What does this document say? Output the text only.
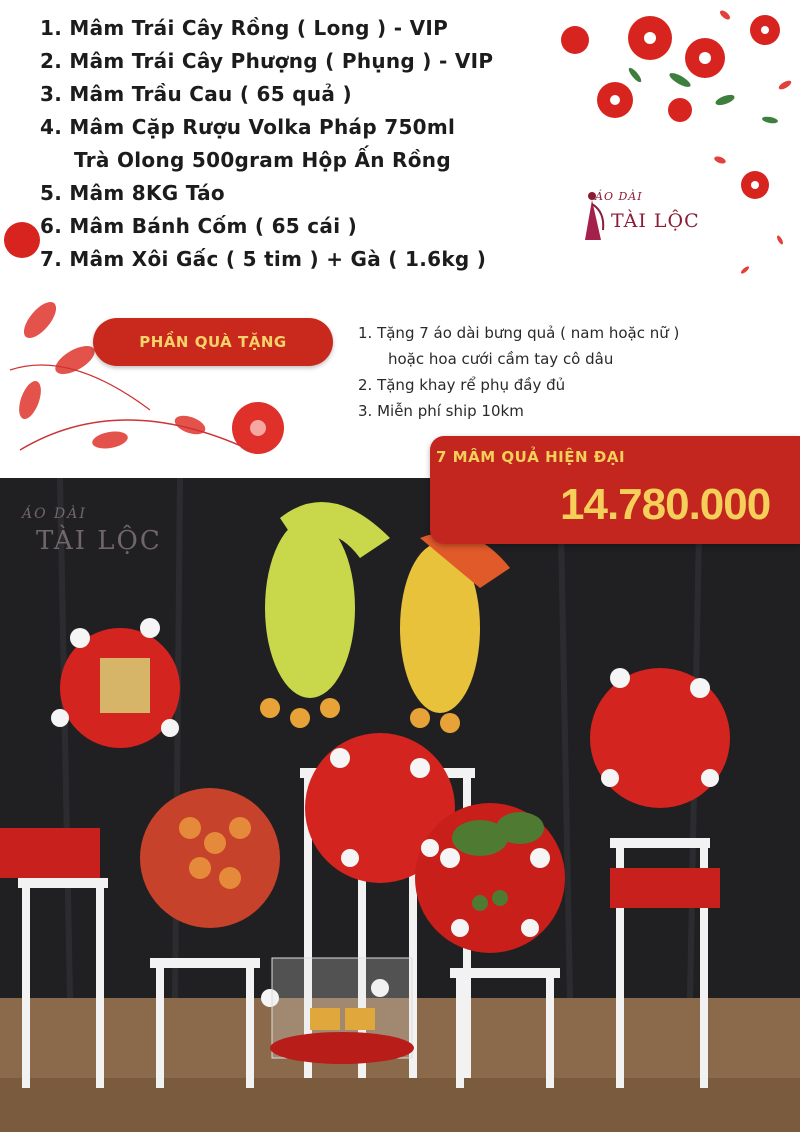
1. Mâm Trái Cây Rồng ( Long ) - VIP
2. Mâm Trái Cây Phượng ( Phụng ) - VIP
3. Mâm Trầu Cau ( 65 quả )
4. Mâm Cặp Rượu Volka Pháp 750ml
Trà Olong 500gram Hộp Ấn Rồng
5. Mâm 8KG Táo
6. Mâm Bánh Cốm ( 65 cái )
7. Mâm Xôi Gấc ( 5 tim ) + Gà ( 1.6kg )
ÁO DÀI
TÀI LỘC
PHẦN QUÀ TẶNG	1. Tặng 7 áo dài bưng quả ( nam hoặc nữ )
hoặc hoa cưới cầm tay cô dâu
2. Tặng khay rể phụ đầy đủ
3. Miễn phí ship 10km
7 MÂM QUẢ HIỆN ĐẠI
14.780.000
ÁO DÀI
TÀI LỘC
